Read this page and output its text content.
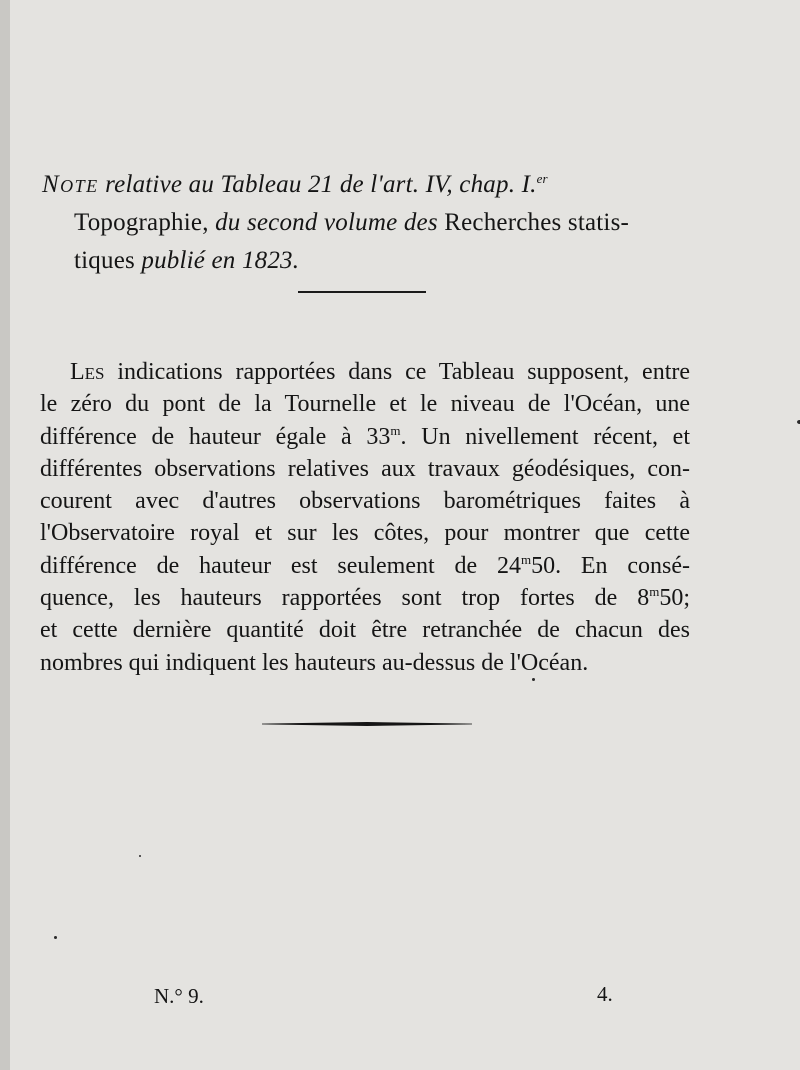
Note relative au Tableau 21 de l'art. IV, chap. I.$^{er}$
Topographie, du second volume des Recherches statis-
tiques publié en 1823.
Les indications rapportées dans ce Tableau supposent, entre
le zéro du pont de la Tournelle et le niveau de l'Océan, une
différence de hauteur égale à 33$^m$. Un nivellement récent, et
différentes observations relatives aux travaux géodésiques, con-
courent avec d'autres observations barométriques faites à
l'Observatoire royal et sur les côtes, pour montrer que cette
différence de hauteur est seulement de 24$^m$50. En consé-
quence, les hauteurs rapportées sont trop fortes de 8$^m$50;
et cette dernière quantité doit être retranchée de chacun des
nombres qui indiquent les hauteurs au-dessus de l'Océan.
N.° 9.	4.
